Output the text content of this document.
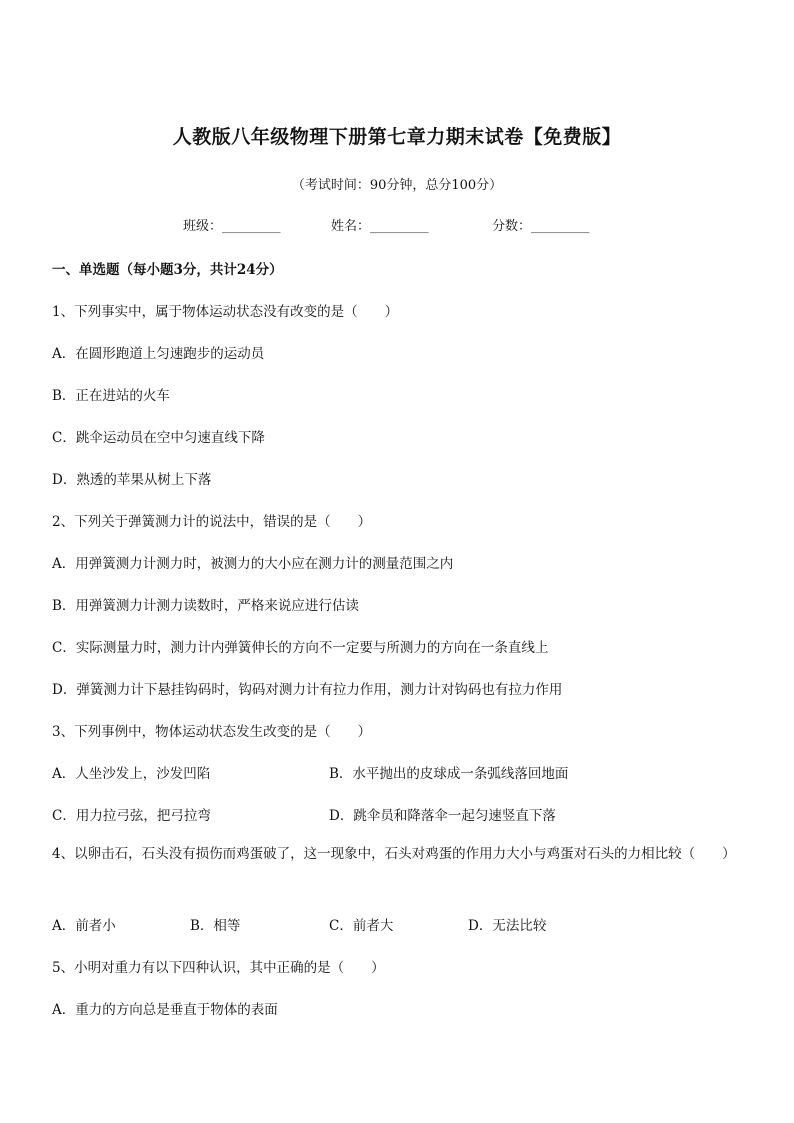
人教版八年级物理下册第七章力期末试卷【免费版】
（考试时间：90分钟，总分100分）
班级：_________	姓名：_________	分数：_________
一、单选题（每小题3分，共计24分）
1、下列事实中，属于物体运动状态没有改变的是（　　）
A．在圆形跑道上匀速跑步的运动员
B．正在进站的火车
C．跳伞运动员在空中匀速直线下降
D．熟透的苹果从树上下落
2、下列关于弹簧测力计的说法中，错误的是（　　）
A．用弹簧测力计测力时，被测力的大小应在测力计的测量范围之内
B．用弹簧测力计测力读数时，严格来说应进行估读
C．实际测量力时，测力计内弹簧伸长的方向不一定要与所测力的方向在一条直线上
D．弹簧测力计下悬挂钩码时，钩码对测力计有拉力作用，测力计对钩码也有拉力作用
3、下列事例中，物体运动状态发生改变的是（　　）
A．人坐沙发上，沙发凹陷	B．水平抛出的皮球成一条弧线落回地面
C．用力拉弓弦，把弓拉弯	D．跳伞员和降落伞一起匀速竖直下落
4、以卵击石，石头没有损伤而鸡蛋破了，这一现象中，石头对鸡蛋的作用力大小与鸡蛋对石头的力相比较（　　）
A．前者小	B．相等	C．前者大	D．无法比较
5、小明对重力有以下四种认识，其中正确的是（　　）
A．重力的方向总是垂直于物体的表面
